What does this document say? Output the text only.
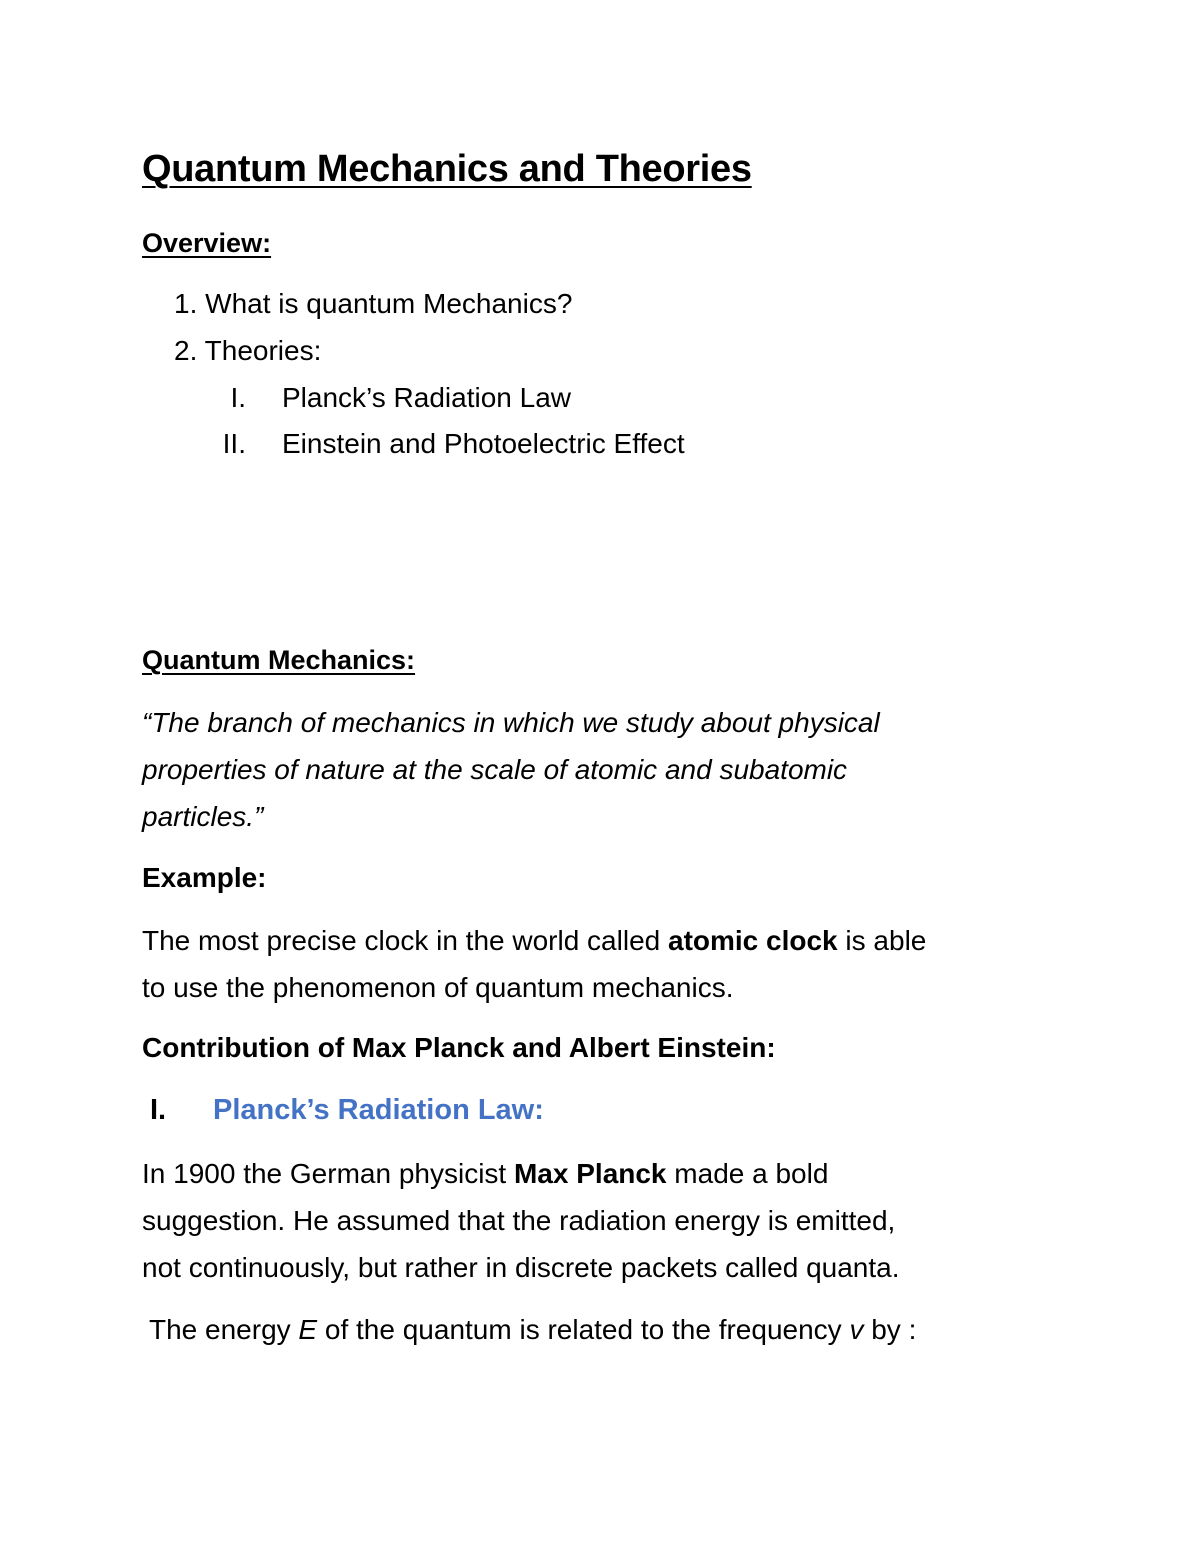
Quantum Mechanics and Theories
Overview:
1. What is quantum Mechanics?
2. Theories:
I. Planck’s Radiation Law
II. Einstein and Photoelectric Effect
Quantum Mechanics:
“The branch of mechanics in which we study about physical
properties of nature at the scale of atomic and subatomic
particles.”
Example:
The most precise clock in the world called atomic clock is able
to use the phenomenon of quantum mechanics.
Contribution of Max Planck and Albert Einstein:
I. Planck’s Radiation Law:
In 1900 the German physicist Max Planck made a bold
suggestion. He assumed that the radiation energy is emitted,
not continuously, but rather in discrete packets called quanta.
The energy E of the quantum is related to the frequency v by :
